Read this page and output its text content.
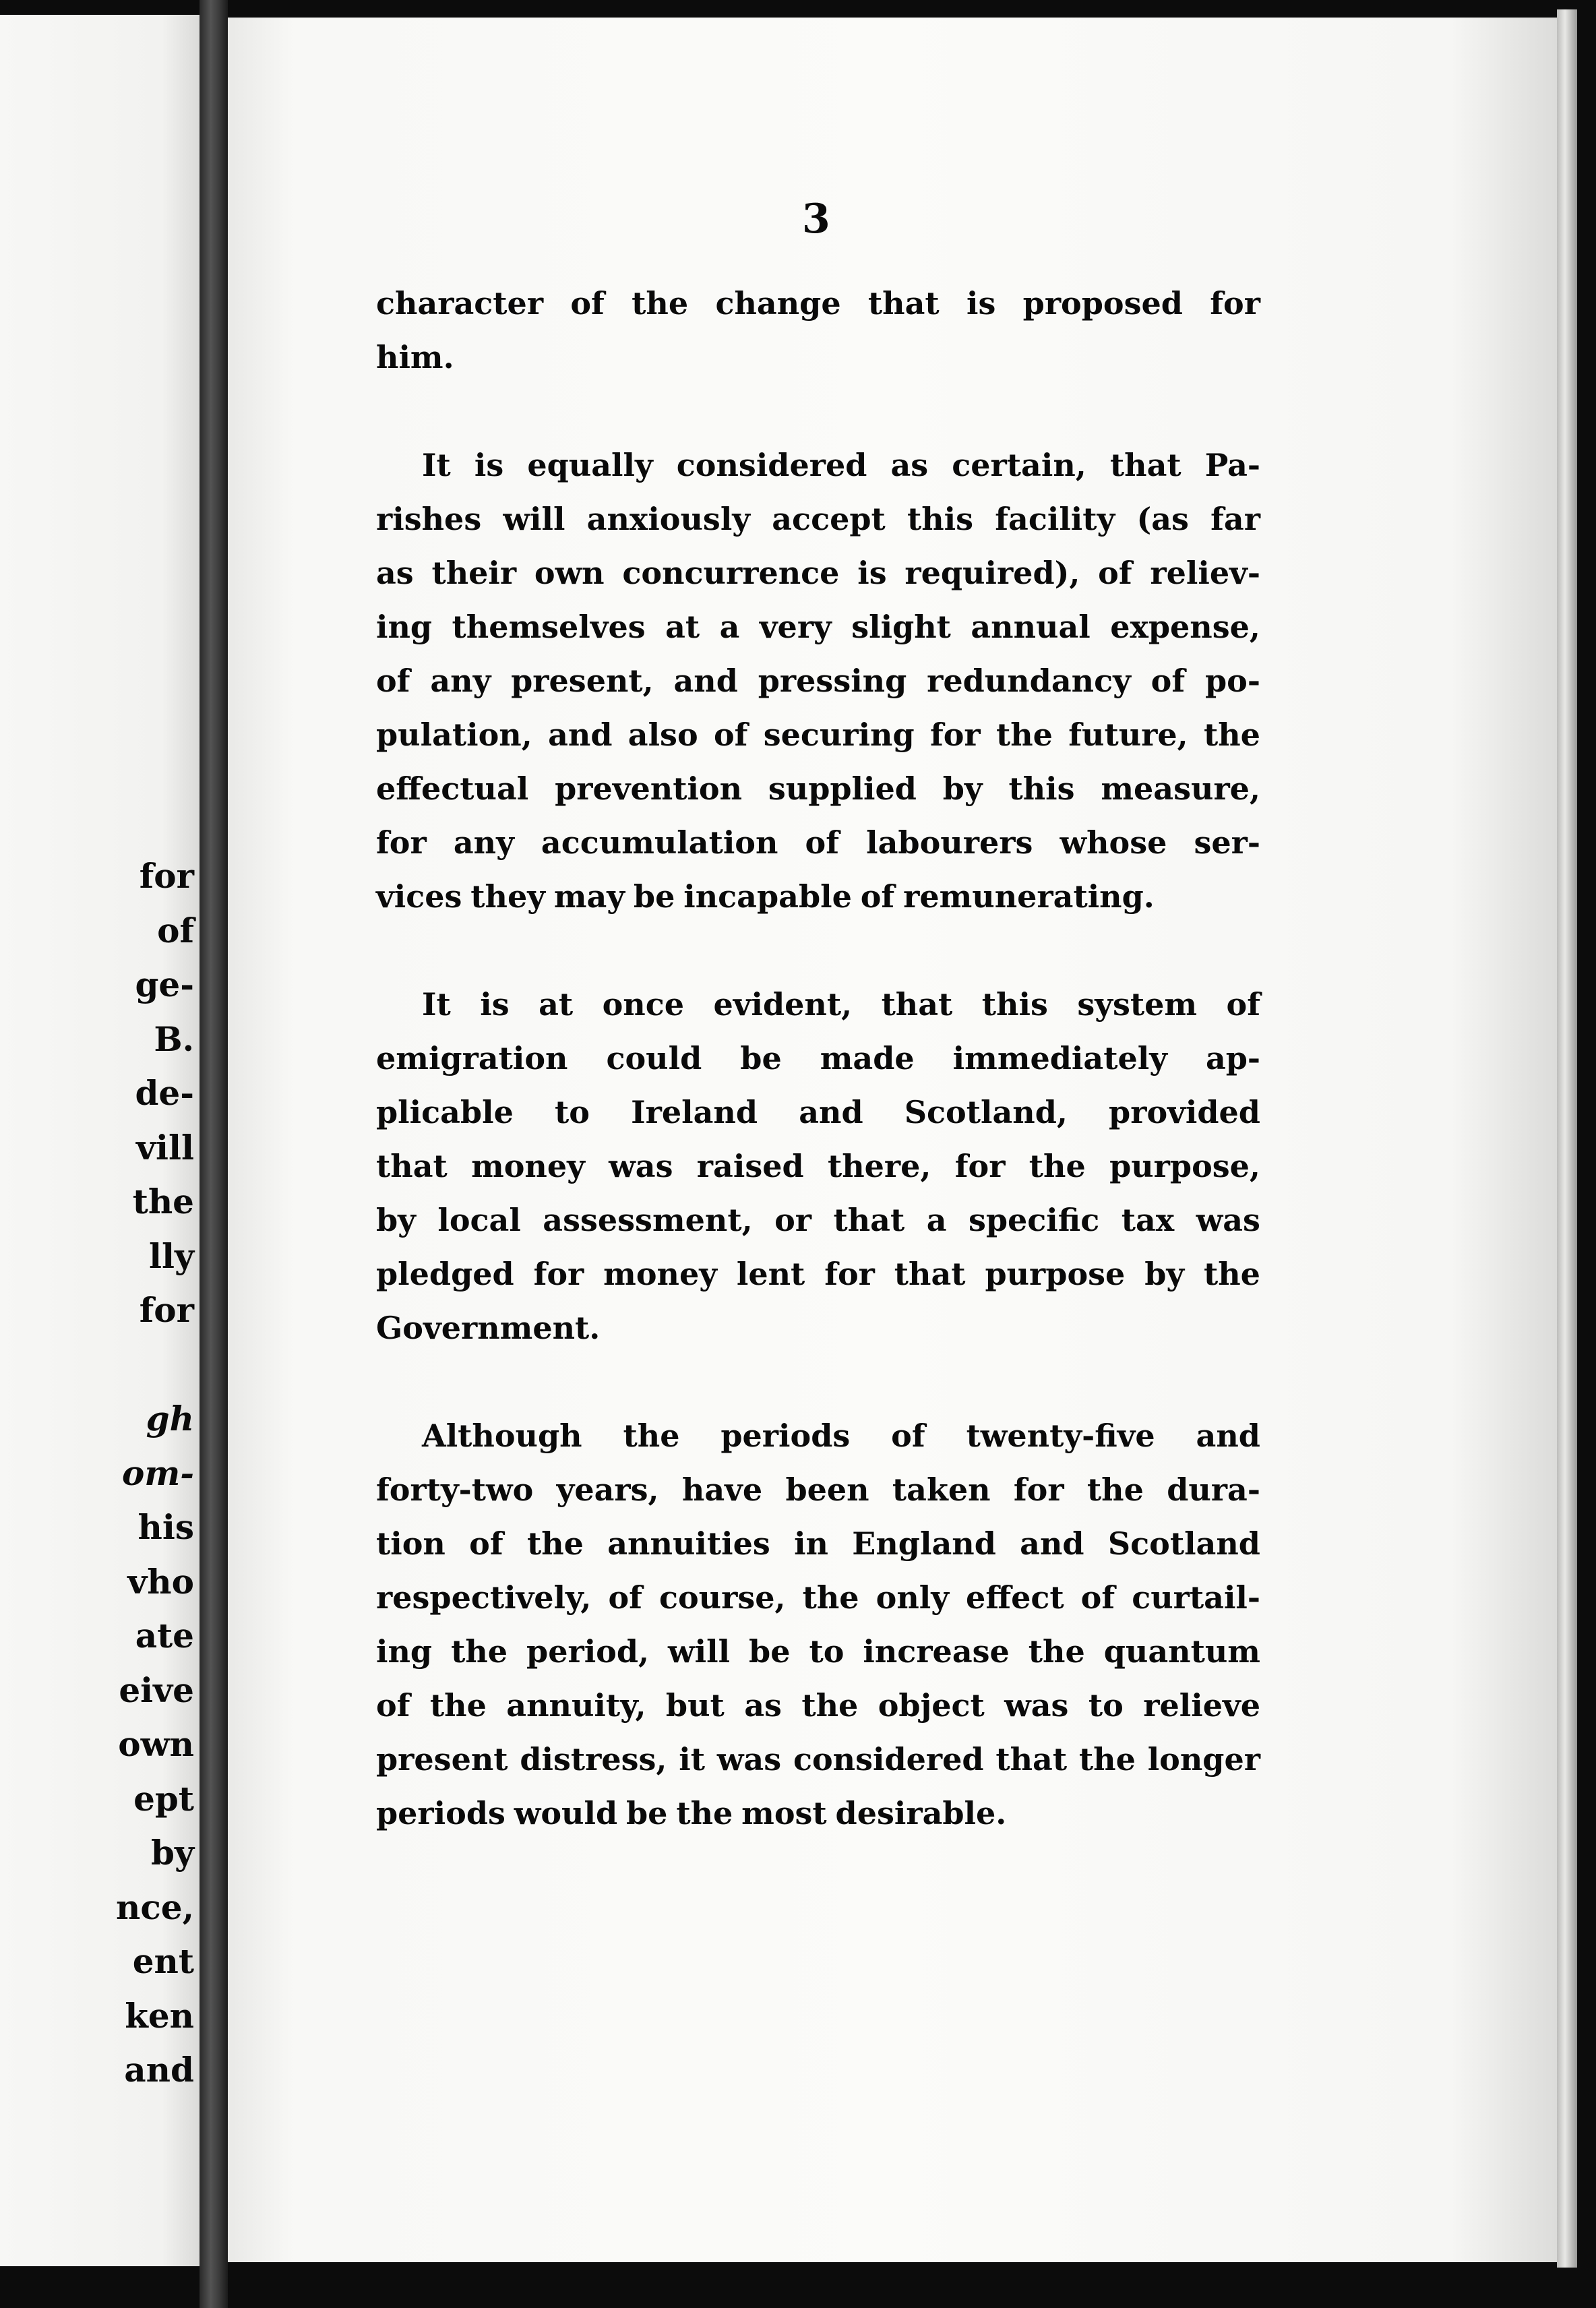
for
of
ge-
B.
de-
vill
the
lly
for
gh
om-
his
vho
ate
eive
own
ept
by
nce,
ent
ken
and
3
character of the change that is proposed for
him.
It is equally considered as certain, that Pa-
rishes will anxiously accept this facility (as far
as their own concurrence is required), of reliev-
ing themselves at a very slight annual expense,
of any present, and pressing redundancy of po-
pulation, and also of securing for the future, the
effectual prevention supplied by this measure,
for any accumulation of labourers whose ser-
vices they may be incapable of remunerating.
It is at once evident, that this system of
emigration could be made immediately ap-
plicable to Ireland and Scotland, provided
that money was raised there, for the purpose,
by local assessment, or that a specific tax was
pledged for money lent for that purpose by the
Government.
Although the periods of twenty-five and
forty-two years, have been taken for the dura-
tion of the annuities in England and Scotland
respectively, of course, the only effect of curtail-
ing the period, will be to increase the quantum
of the annuity, but as the object was to relieve
present distress, it was considered that the longer
periods would be the most desirable.
